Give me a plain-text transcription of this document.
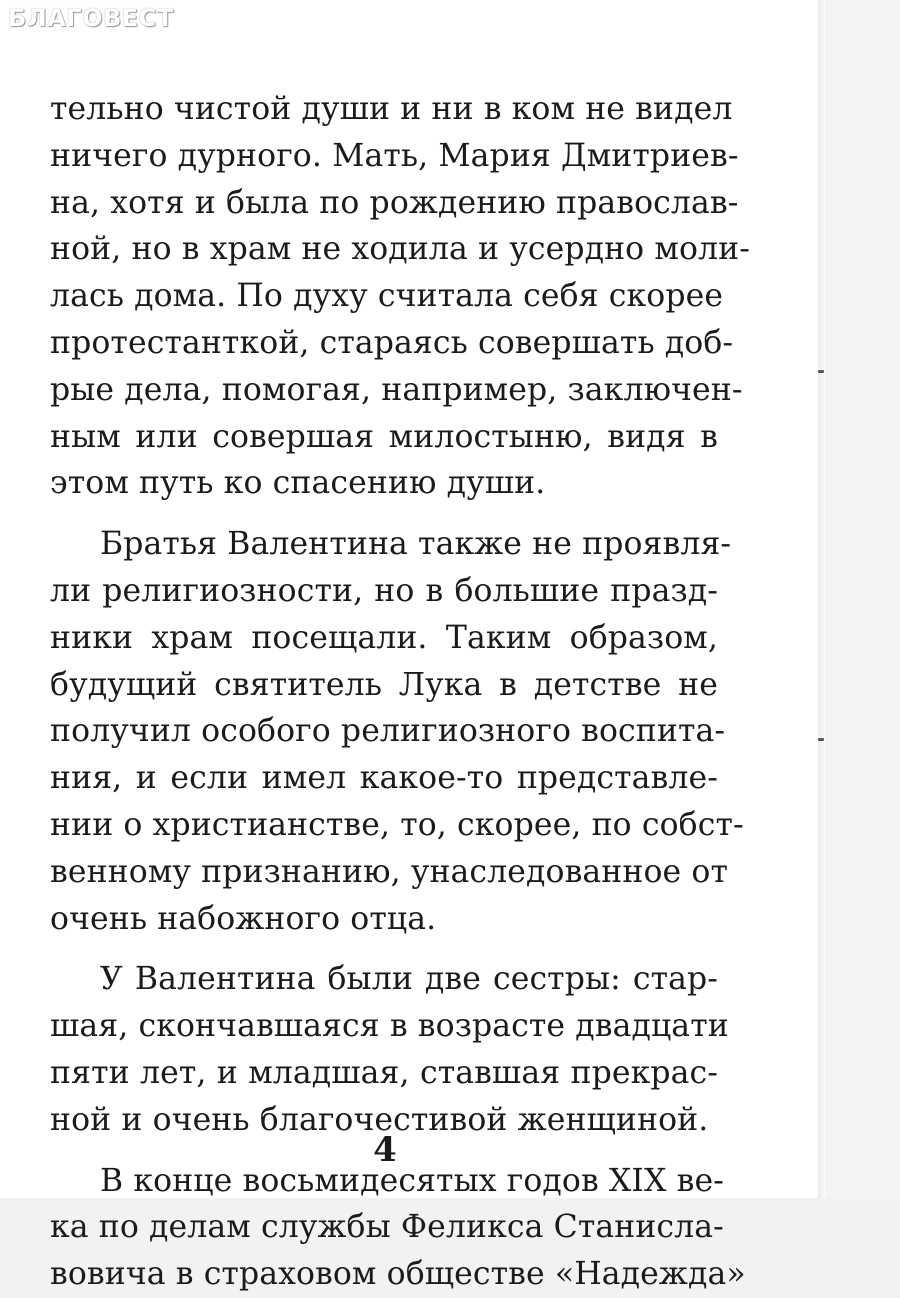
БЛАГОВЕСТ
тельно чистой души и ни в ком не видел
ничего дурного. Мать, Мария Дмитриев-
на, хотя и была по рождению православ-
ной, но в храм не ходила и усердно моли-
лась дома. По духу считала себя скорее
протестанткой, стараясь совершать доб-
рые дела, помогая, например, заключен-
ным или совершая милостыню, видя в
этом путь ко спасению души.
Братья Валентина также не проявля-
ли религиозности, но в большие празд-
ники храм посещали. Таким образом,
будущий святитель Лука в детстве не
получил особого религиозного воспита-
ния, и если имел какое-то представле-
нии о христианстве, то, скорее, по собст-
венному признанию, унаследованное от
очень набожного отца.
У Валентина были две сестры: стар-
шая, скончавшаяся в возрасте двадцати
пяти лет, и младшая, ставшая прекрас-
ной и очень благочестивой женщиной.
В конце восьмидесятых годов XIX ве-
ка по делам службы Феликса Станисла-
вовича в страховом обществе «Надежда»
4
